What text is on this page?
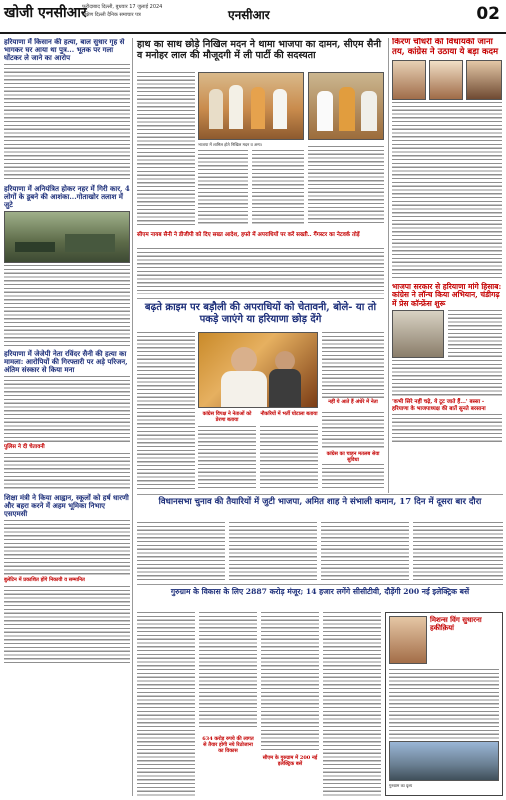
खोजी एनसीआर
फरीदाबाद दिल्ली, बुधवार 17 जुलाई 2024
दक्षिण दिल्ली दैनिक समाचार पत्र	एनसीआर	02
हरियाणा में किसान की हत्या, बाल सुधार गृह से भागकर घर आया था पुत्र... भूतक पर गला घोंटकर ले जाने का आरोप
हरियाणा में अनियंत्रित होकर नहर में गिरी कार, 4 लोगों के डूबने की आशंका...गोताखोर तलाश में जुटे
हरियाणा में जेजेपी नेता रविंदर सैनी की हत्या का मामला: आरोपियों की गिरफ्तारी पर अड़े परिजन, अंतिम संस्कार से किया मना
पुलिस ने दी चेतावनी
शिक्षा मंत्री ने किया आह्वान, स्कूलों को हर्ष धारणी और बहरा करने में अहम भूमिका निभाए एसएमसी
बुलेटिन में प्रकाशित होंगे निकायी व सम्मानित
हाथ का साथ छोड़े निखिल मदन ने थामा भाजपा का दामन, सीएम सैनी व मनोहर लाल की मौजूदगी में ली पार्टी की सदस्यता
भाजपा में शामिल होते निखिल मदन व अन्य।
सीएम नायब सैनी ने डीजीपी को दिए सख्त आदेश, हफ्ते में अपराधियों पर करें सख्ती.. गैंगस्टर का नेटवर्क तोड़ें
बढ़ते क्राइम पर बड़ौली की अपराधियों को चेतावनी, बोले- या तो पकड़े जाएंगे या हरियाणा छोड़ देंगे
कांग्रेस विपक्ष ने नेताओं को प्रेरणा बताया
नौकरियों में भर्ती घोटाला बताया
नहीं ये आते हैं अंधेरे में नेता
कांग्रेस का चाहन मतलब सेवा सुविधा
किरण चौधरी की विधायकी जाना तय, कांग्रेस ने उठाया ये बड़ा कदम
भाजपा सरकार से हरियाणा मांगे हिसाब: कांग्रेस ने लॉन्च किया अभियान, चंडीगढ़ में प्रेस कॉन्फ्रेंस शुरू
'कभी सिरे नहीं चढ़े, ये टूट जाते हैं...' बस्सा - हरियाणा के भाजपाध्यक्ष की बातें सुनते बरसाना
विधानसभा चुनाव की तैयारियों में जुटी भाजपा, अमित शाह ने संभाली कमान, 17 दिन में दूसरा बार दौरा
गुरुग्राम के विकास के लिए 2887 करोड़ मंजूर; 14 हजार लगेंगे सीसीटीवी, दौड़ेंगी 200 नई इलेक्ट्रिक बसें
634 करोड़ रुपये की लागत से तैयार होगी नये रिठोजाना का विकास
सीएम के गुरुग्राम में 200 नई इलेक्ट्रिक बसें
मिशन्स विंग सुधारना हकीक़ियां
गुरुग्राम का दृश्य
